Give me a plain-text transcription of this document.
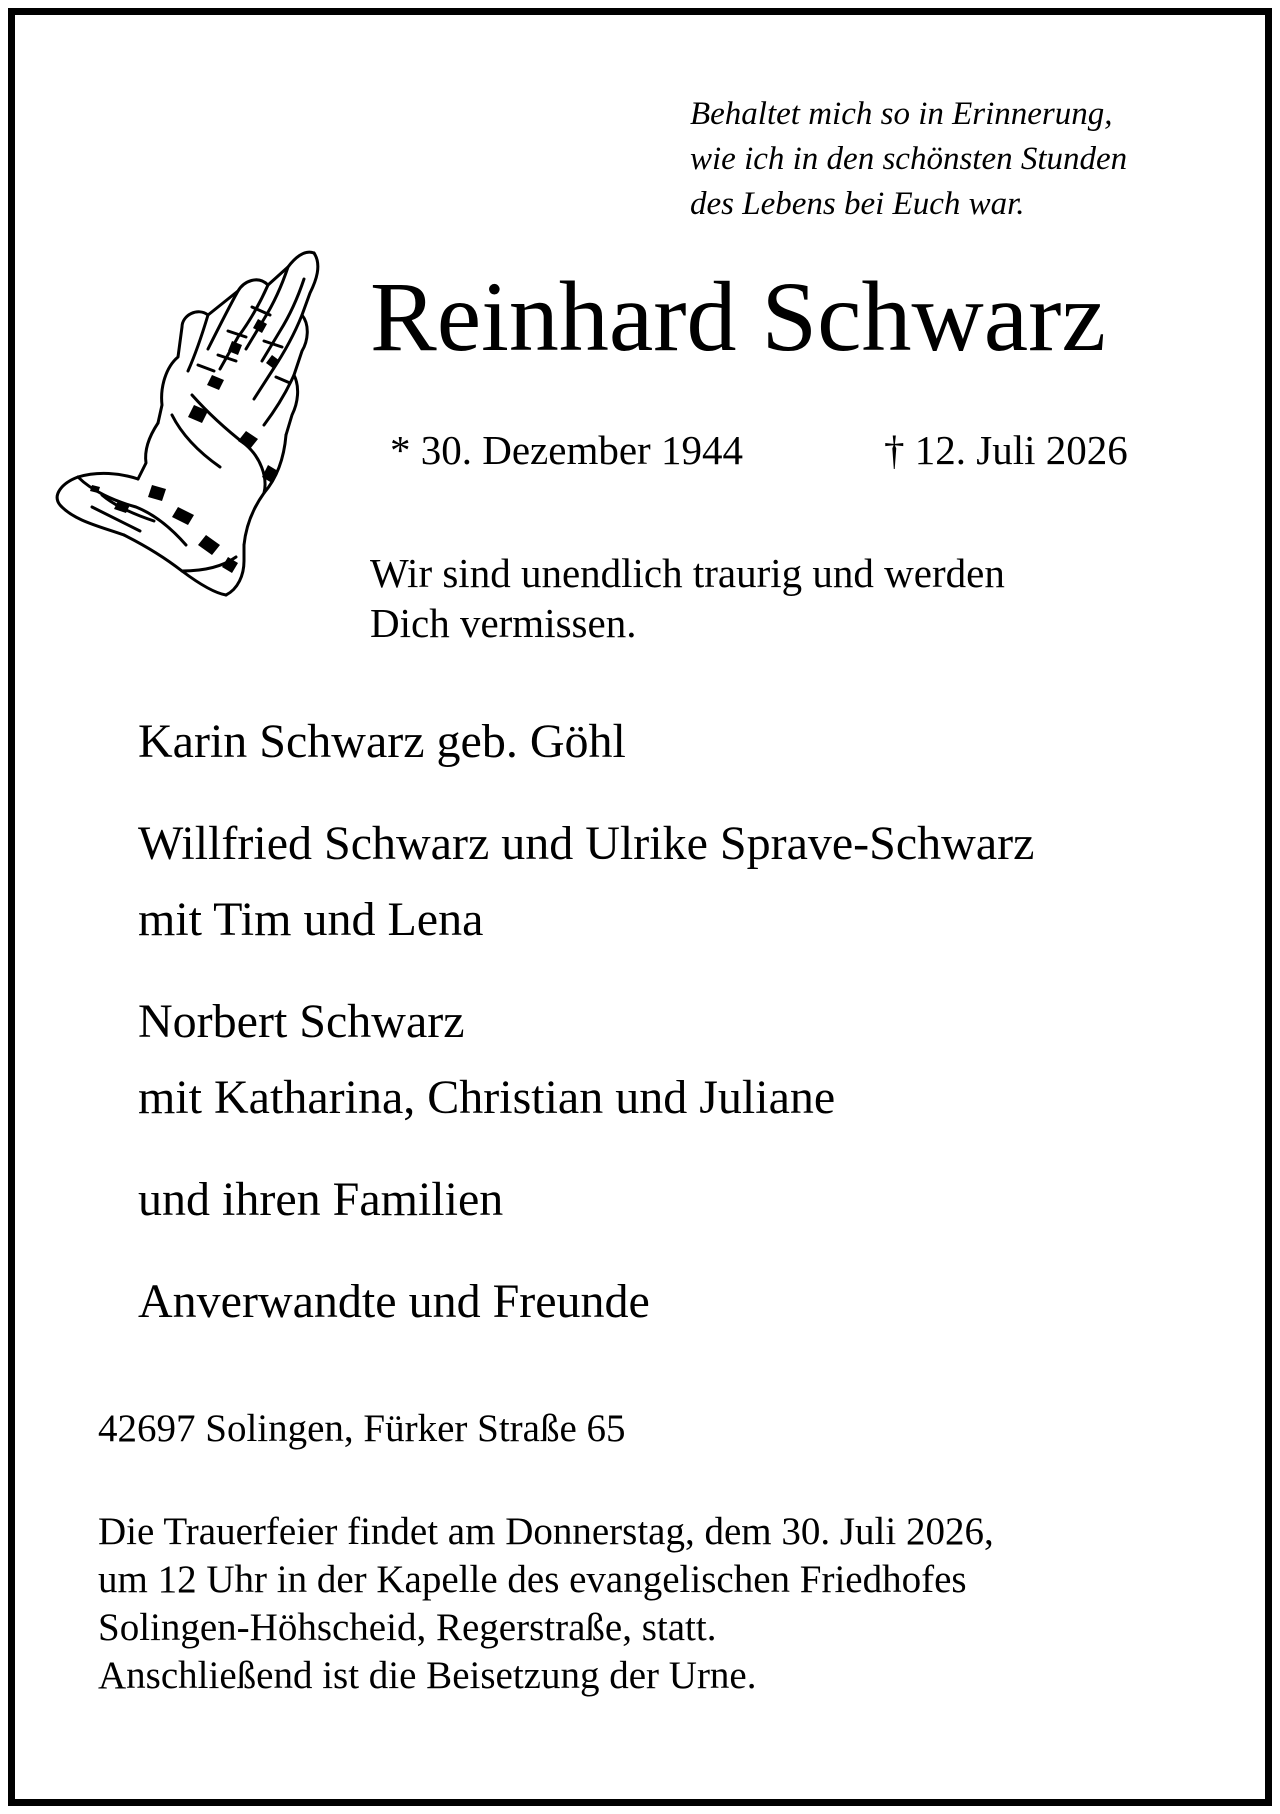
Behaltet mich so in Erinnerung,
wie ich in den schönsten Stunden
des Lebens bei Euch war.
Reinhard Schwarz
* 30. Dezember 1944	† 12. Juli 2026
Wir sind unendlich traurig und werden
Dich vermissen.
Karin Schwarz geb. Göhl
Willfried Schwarz und Ulrike Sprave-Schwarz
mit Tim und Lena
Norbert Schwarz
mit Katharina, Christian und Juliane
und ihren Familien
Anverwandte und Freunde
42697 Solingen, Fürker Straße 65
Die Trauerfeier findet am Donnerstag, dem 30. Juli 2026,
um 12 Uhr in der Kapelle des evangelischen Friedhofes
Solingen-Höhscheid, Regerstraße, statt.
Anschließend ist die Beisetzung der Urne.
